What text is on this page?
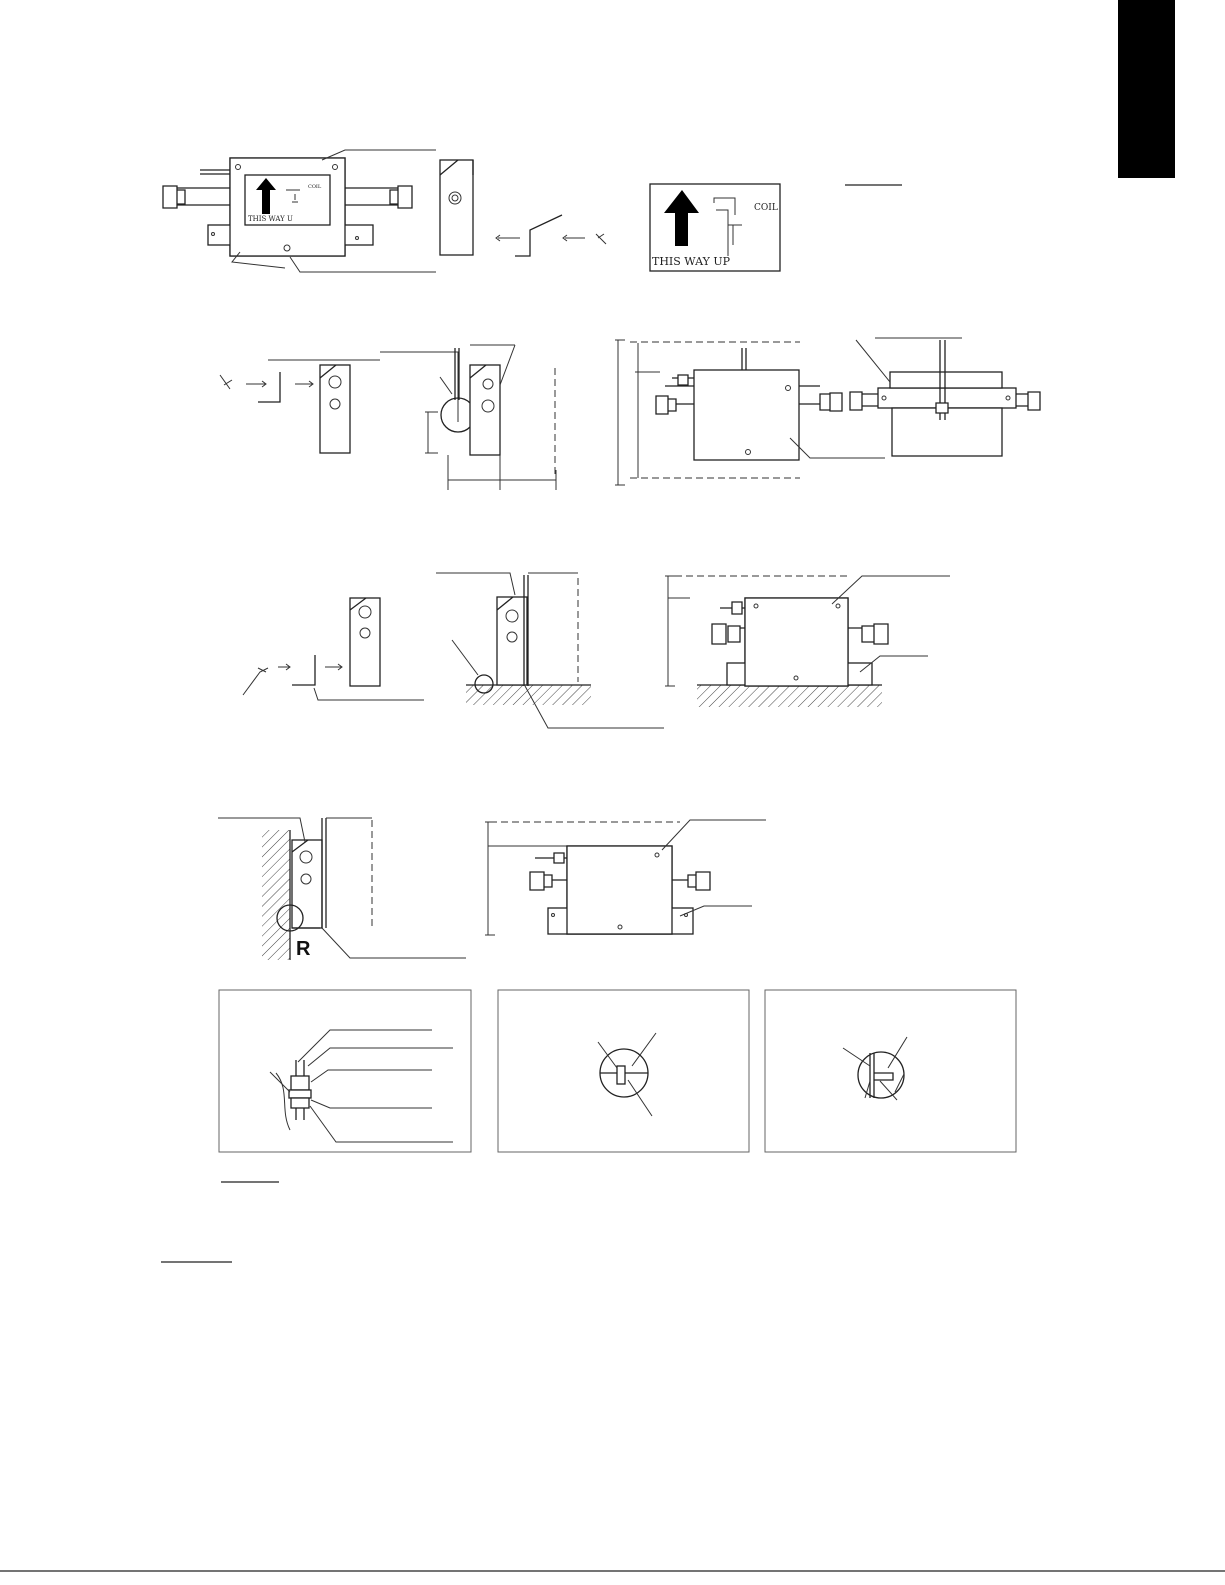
THIS WAY U
COIL
THIS WAY UP
COIL
R
